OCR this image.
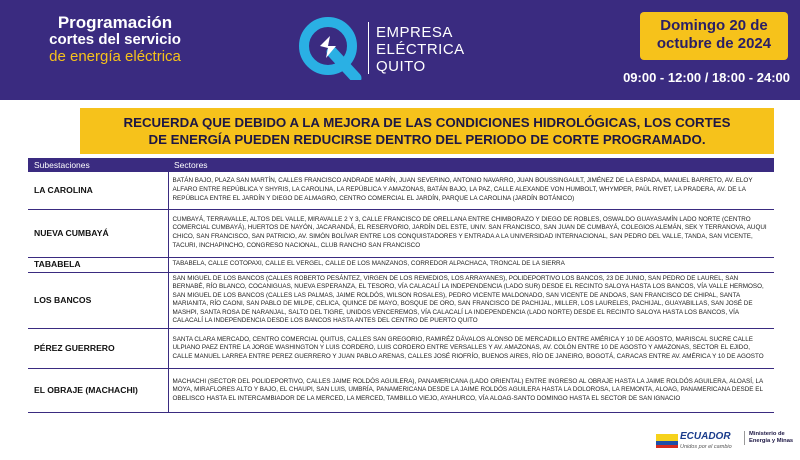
Programación
cortes del servicio
de energía eléctrica
EMPRESA
ELÉCTRICA
QUITO
Domingo 20 de
octubre de 2024
09:00 - 12:00 / 18:00 - 24:00
RECUERDA QUE DEBIDO A LA MEJORA DE LAS CONDICIONES HIDROLÓGICAS, LOS CORTES
DE ENERGÍA PUEDEN REDUCIRSE DENTRO DEL PERIODO DE CORTE PROGRAMADO.
Subestaciones	Sectores
LA CAROLINA	BATÁN BAJO, PLAZA SAN MARTÍN, CALLES FRANCISCO ANDRADE MARÍN, JUAN SEVERINO, ANTONIO NAVARRO, JUAN BOUSSINGAULT, JIMÉNEZ DE LA ESPADA, MANUEL BARRETO, AV. ELOY ALFARO ENTRE REPÚBLICA Y SHYRIS, LA CAROLINA, LA REPÚBLICA Y AMAZONAS, BATÁN BAJO, LA PAZ, CALLE ALEXANDE VON HUMBOLT, WHYMPER, PAÚL RIVET, LA PRADERA, AV. DE LA REPÚBLICA ENTRE EL JARDÍN Y DIEGO DE ALMAGRO, CENTRO COMERCIAL EL JARDÍN, PARQUE LA CAROLINA (JARDÍN BOTÁNICO)
NUEVA CUMBAYÁ	CUMBAYÁ, TERRAVALLE, ALTOS DEL VALLE, MIRAVALLE 2 Y 3, CALLE FRANCISCO DE ORELLANA ENTRE CHIMBORAZO Y DIEGO DE ROBLES, OSWALDO GUAYASAMÍN LADO NORTE (CENTRO COMERCIAL CUMBAYÁ), HUERTOS DE NAYÓN, JACARANDÁ, EL RESERVORIO, JARDÍN DEL ESTE, UNIV. SAN FRANCISCO, SAN JUAN DE CUMBAYÁ, COLEGIOS ALEMÁN, SEK Y TERRANOVA, AUQUI CHICO, SAN FRANCISCO, SAN PATRICIO, AV. SIMÓN BOLÍVAR ENTRE LOS CONQUISTADORES Y ENTRADA A LA UNIVERSIDAD INTERNACIONAL, SAN PEDRO DEL VALLE, TANDA, SAN VICENTE, TACURI, INCHAPINCHO, CONGRESO NACIONAL, CLUB RANCHO SAN FRANCISCO
TABABELA	TABABELA, CALLE COTOPAXI, CALLE EL VERGEL, CALLE DE LOS MANZANOS, CORREDOR ALPACHACA, TRONCAL DE LA SIERRA
LOS BANCOS	SAN MIGUEL DE LOS BANCOS (CALLES ROBERTO PESÁNTEZ, VIRGEN DE LOS REMEDIOS, LOS ARRAYANES), POLIDEPORTIVO LOS BANCOS, 23 DE JUNIO, SAN PEDRO DE LAUREL, SAN BERNABÉ, RÍO BLANCO, COCANIGUAS, NUEVA ESPERANZA, EL TESORO, VÍA CALACALÍ LA INDEPENDENCIA (LADO SUR) DESDE EL RECINTO SALOYA HASTA LOS BANCOS, VÍA VALLE HERMOSO, SAN MIGUEL DE LOS BANCOS (CALLES LAS PALMAS, JAIME ROLDÓS, WILSON ROSALES), PEDRO VICENTE MALDONADO, SAN VICENTE DE ANDOAS, SAN FRANCISCO DE CHIPAL, SANTA MARIANITA, RÍO CAONI, SAN PABLO DE MILPE, CELICA, QUINCE DE MAYO, BOSQUE DE ORO, SAN FRANCISCO DE PACHIJAL, MILLER, LOS LAURELES, PACHIJAL, GUAYABILLAS, SAN JOSÉ DE MASHPI, SANTA ROSA DE NARANJAL, SALTO DEL TIGRE, UNIDOS VENCEREMOS, VÍA CALACALÍ LA INDEPENDENCIA (LADO NORTE) DESDE EL RECINTO SALOYA HASTA LOS BANCOS, VÍA CALACALÍ LA INDEPENDENCIA DESDE LOS BANCOS HASTA ANTES DEL CENTRO DE PUERTO QUITO
PÉREZ GUERRERO	SANTA CLARA MERCADO, CENTRO COMERCIAL QUITUS, CALLES SAN GREGORIO, RAMIRÉZ DÁVALOS ALONSO DE MERCADILLO ENTRE AMÉRICA Y 10 DE AGOSTO, MARISCAL SUCRE CALLE ULPIANO PAEZ ENTRE LA JORGE WASHINGTON Y LUIS CORDERO, LUIS CORDERO ENTRE VERSALLES Y AV. AMAZONAS, AV. COLÓN ENTRE 10 DE AGOSTO Y AMAZONAS, SECTOR EL EJIDO, CALLE MANUEL LARREA ENTRE PEREZ GUERRERO Y JUAN PABLO ARENAS, CALLES JOSÉ RIOFRÍO, BUENOS AIRES, RÍO DE JANEIRO, BOGOTÁ, CARACAS ENTRE AV. AMÉRICA Y 10 DE AGOSTO
EL OBRAJE (MACHACHI)	MACHACHI (SECTOR DEL POLIDEPORTIVO, CALLES JAIME ROLDÓS AGUILERA), PANAMERICANA (LADO ORIENTAL) ENTRE INGRESO AL OBRAJE HASTA LA JAIME ROLDÓS AGUILERA, ALOASÍ, LA MOYA, MIRAFLORES ALTO Y BAJO, EL CHAUPI, SAN LUIS, UMBRÍA, PANAMERICANA DESDE LA JAIME ROLDÓS AGUILERA HASTA LA DOLOROSA, LA REMONTA, ALOAG, PANAMERICANA DESDE EL OBELISCO HASTA EL INTERCAMBIADOR DE LA MERCED, LA MERCED, TAMBILLO VIEJO, AYAHURCO, VÍA ALOAG-SANTO DOMINGO HASTA EL SECTOR DE SAN IGNACIO
ECUADOR
Unidos por el cambio
Ministerio de
Energía y Minas
